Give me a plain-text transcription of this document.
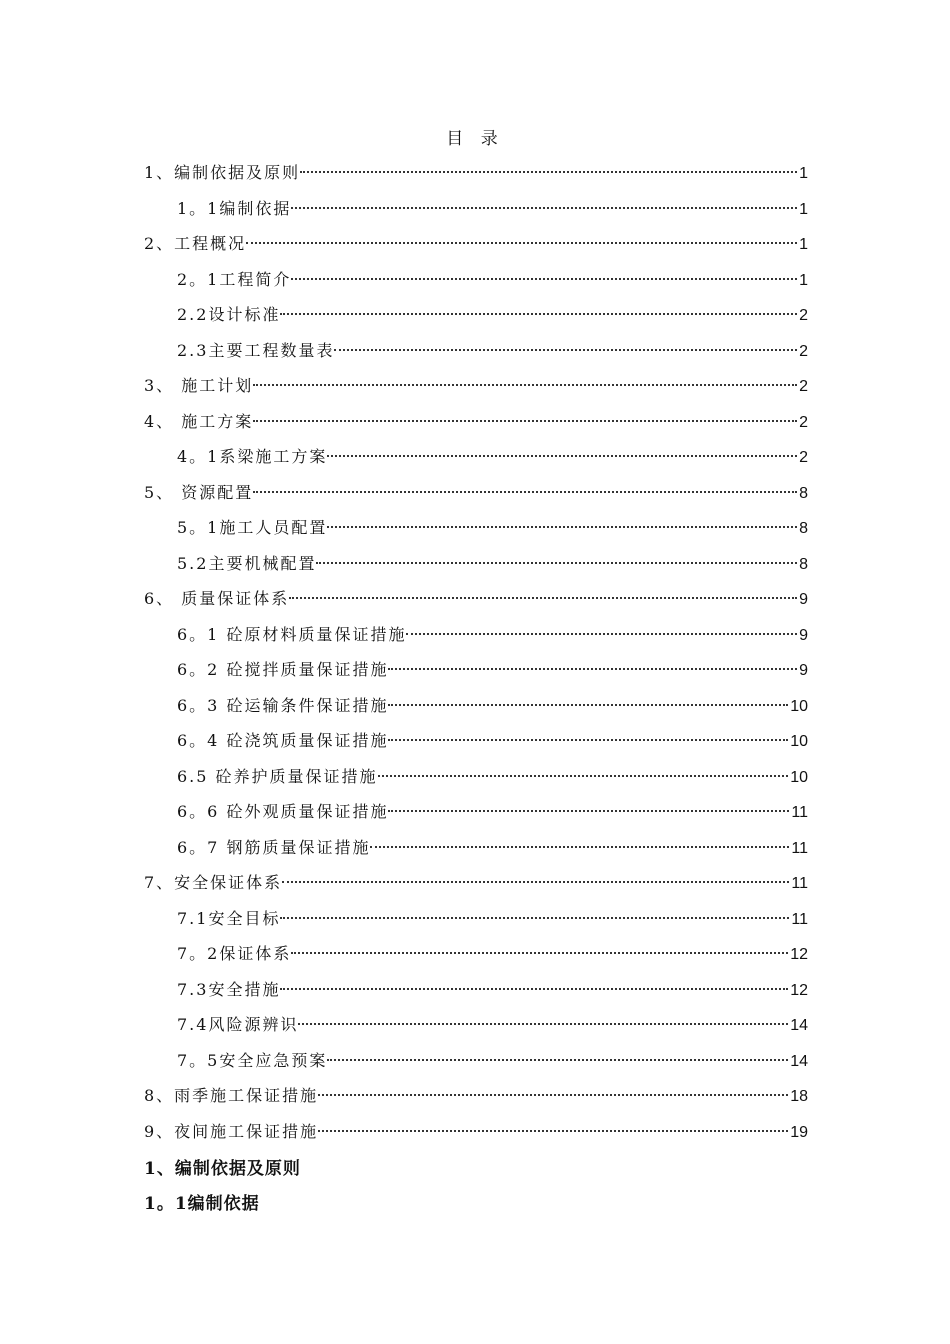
目 录
1、编制依据及原则	1
1。1编制依据	1
2、工程概况	1
2。1工程简介	1
2.2设计标准	2
2.3主要工程数量表	2
3、 施工计划	2
4、 施工方案	2
4。1系梁施工方案	2
5、 资源配置	8
5。1施工人员配置	8
5.2主要机械配置	8
6、 质量保证体系	9
6。1 砼原材料质量保证措施	9
6。2 砼搅拌质量保证措施	9
6。3 砼运输条件保证措施	10
6。4 砼浇筑质量保证措施	10
6.5 砼养护质量保证措施	10
6。6 砼外观质量保证措施	11
6。7 钢筋质量保证措施	11
7、安全保证体系	11
7.1安全目标	11
7。2保证体系	12
7.3安全措施	12
7.4风险源辨识	14
7。5安全应急预案	14
8、雨季施工保证措施	18
9、夜间施工保证措施	19
1、编制依据及原则
1。1编制依据
